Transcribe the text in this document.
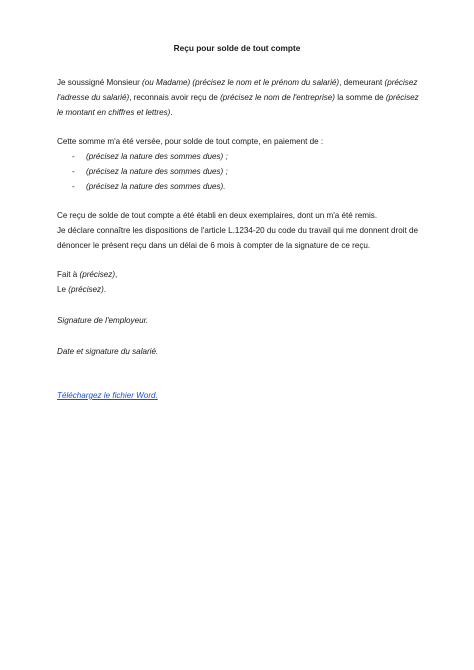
Reçu pour solde de tout compte

Je soussigné Monsieur (ou Madame) (précisez le nom et le prénom du salarié), demeurant (précisez l'adresse du salarié), reconnais avoir reçu de (précisez le nom de l'entreprise) la somme de (précisez le montant en chiffres et lettres).

Cette somme m'a été versée, pour solde de tout compte, en paiement de :

- (précisez la nature des sommes dues) ;
- (précisez la nature des sommes dues) ;
- (précisez la nature des sommes dues).

Ce reçu de solde de tout compte a été établi en deux exemplaires, dont un m'a été remis.

Je déclare connaître les dispositions de l'article L.1234-20 du code du travail qui me donnent droit de dénoncer le présent reçu dans un délai de 6 mois à compter de la signature de ce reçu.

Fait à (précisez),

Le (précisez).

Signature de l'employeur.

Date et signature du salarié.

Téléchargez le fichier Word.
